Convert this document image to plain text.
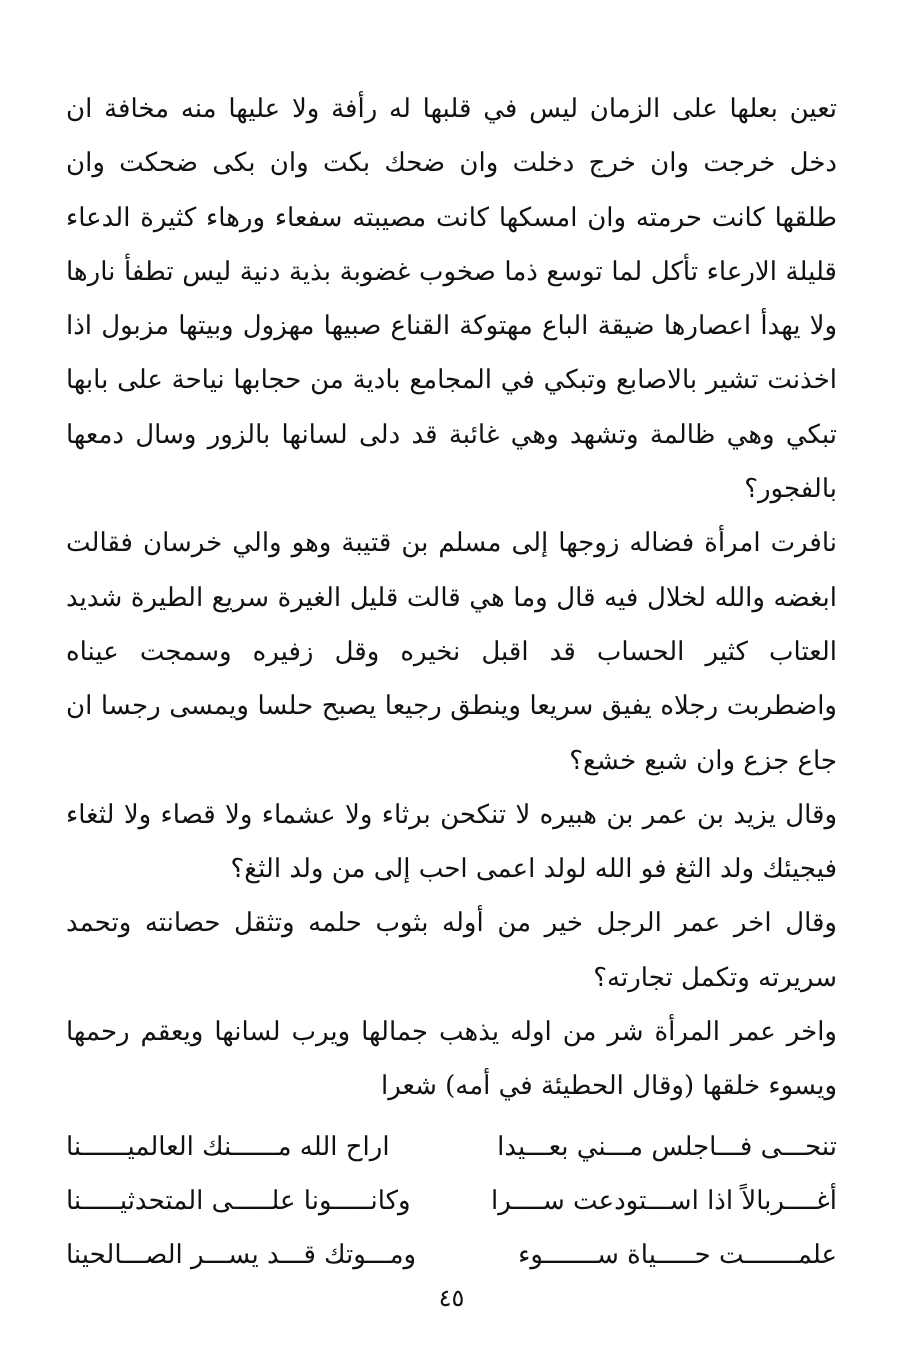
تعين بعلها على الزمان ليس في قلبها له رأفة ولا عليها منه مخافة ان دخل خرجت وان خرج دخلت وان ضحك بكت وان بكى ضحكت وان طلقها كانت حرمته وان امسكها كانت مصيبته سفعاء ورهاء كثيرة الدعاء قليلة الارعاء تأكل لما توسع ذما صخوب غضوبة بذية دنية ليس تطفأ نارها ولا يهدأ اعصارها ضيقة الباع مهتوكة القناع صبيها مهزول وبيتها مزبول اذا اخذنت تشير بالاصابع وتبكي في المجامع بادية من حجابها نياحة على بابها تبكي وهي ظالمة وتشهد وهي غائبة قد دلى لسانها بالزور وسال دمعها بالفجور؟

نافرت امرأة فضاله زوجها إلى مسلم بن قتيبة وهو والي خرسان فقالت ابغضه والله لخلال فيه قال وما هي قالت قليل الغيرة سريع الطيرة شديد العتاب كثير الحساب قد اقبل نخيره وقل زفيره وسمجت عيناه واضطربت رجلاه يفيق سريعا وينطق رجيعا يصبح حلسا ويمسى رجسا ان جاع جزع وان شبع خشع؟

وقال يزيد بن عمر بن هبيره لا تنكحن برثاء ولا عشماء ولا قصاء ولا لثغاء فيجيئك ولد الثغ فو الله لولد اعمى احب إلى من ولد الثغ؟

وقال اخر عمر الرجل خير من أوله بثوب حلمه وتثقل حصانته وتحمد سريرته وتكمل تجارته؟

واخر عمر المرأة شر من اوله يذهب جمالها ويرب لسانها ويعقم رحمها ويسوء خلقها (وقال الحطيئة في أمه) شعرا

تنحـــى فـــاجلس مـــني بعـــيدا
اراح الله مــــــنك العالميــــــنا
أغــــربالاً اذا اســـتودعت ســــرا
وكانـــــونا علـــــى المتحدثيـــــنا
علمـــــــت حـــــياة ســـــــوء
ومـــوتك قـــد يســـر الصـــالحينا
٤٥
